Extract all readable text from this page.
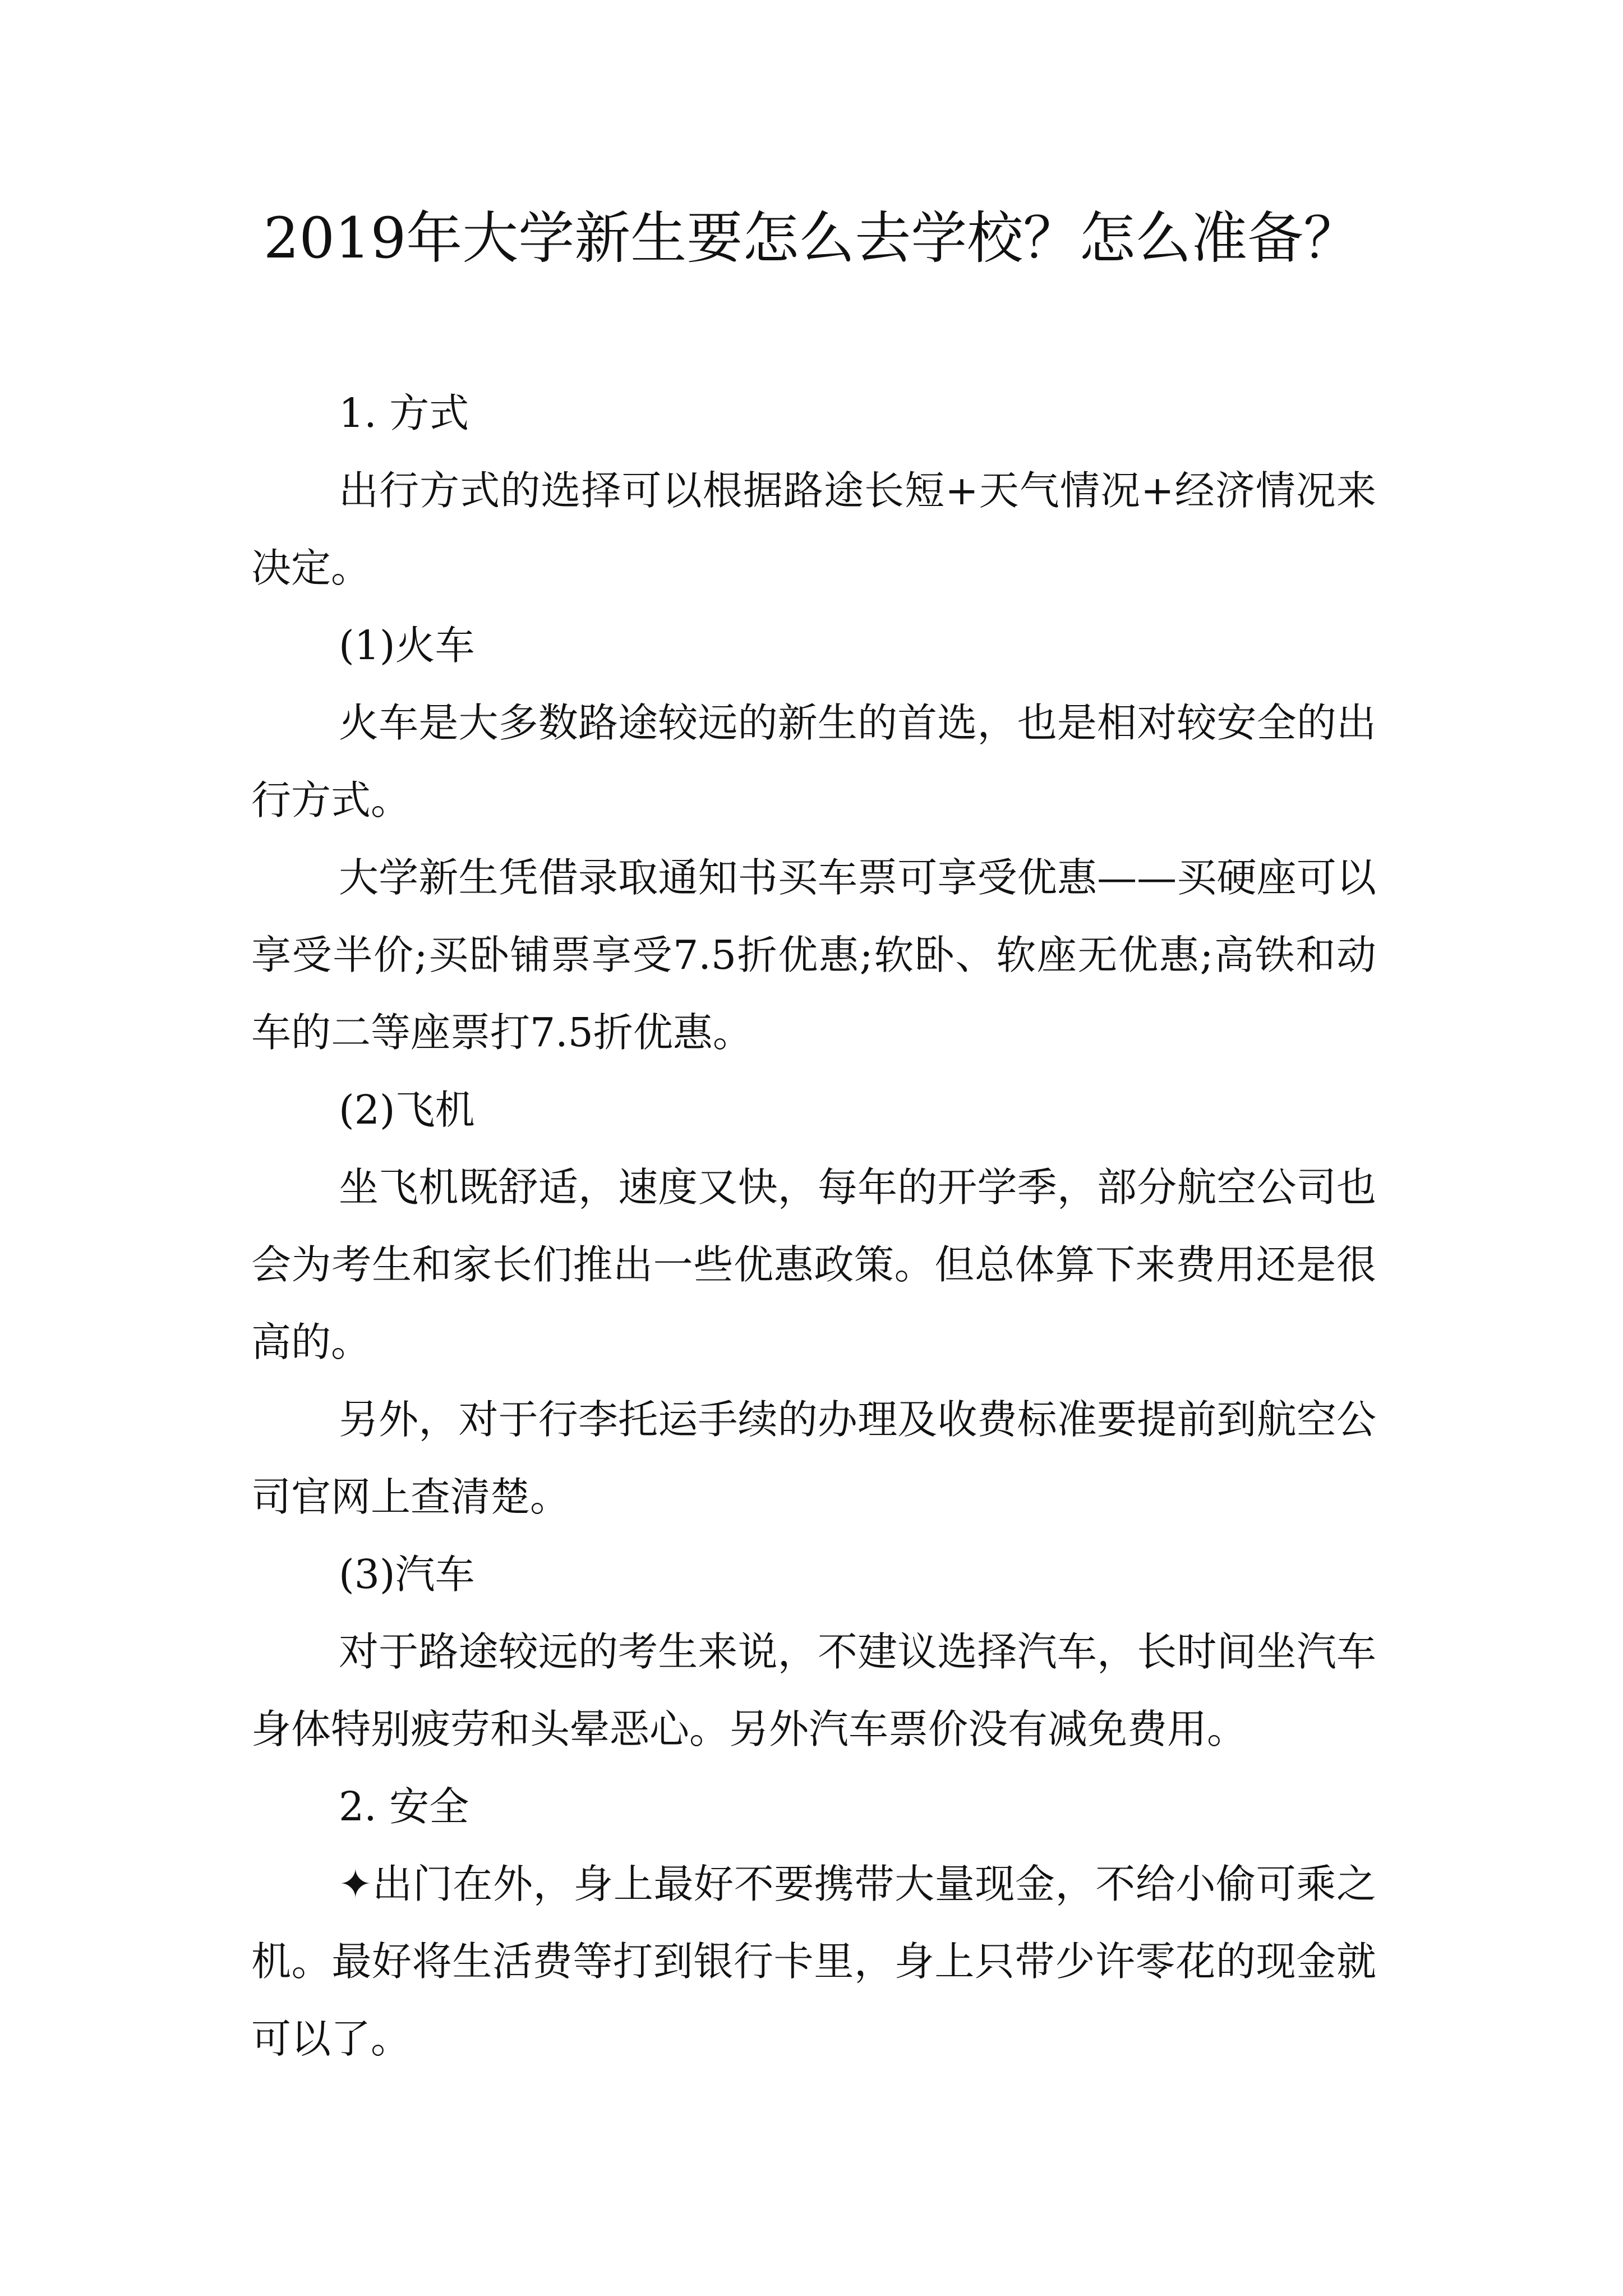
2019年大学新生要怎么去学校？怎么准备？

1. 方式

出行方式的选择可以根据路途长短+天气情况+经济情况来决定。

(1)火车

火车是大多数路途较远的新生的首选，也是相对较安全的出行方式。

大学新生凭借录取通知书买车票可享受优惠——买硬座可以享受半价;买卧铺票享受7.5折优惠;软卧、软座无优惠;高铁和动车的二等座票打7.5折优惠。

(2)飞机

坐飞机既舒适，速度又快，每年的开学季，部分航空公司也会为考生和家长们推出一些优惠政策。但总体算下来费用还是很高的。

另外，对于行李托运手续的办理及收费标准要提前到航空公司官网上查清楚。

(3)汽车

对于路途较远的考生来说，不建议选择汽车，长时间坐汽车身体特别疲劳和头晕恶心。另外汽车票价没有减免费用。

2. 安全

✦出门在外，身上最好不要携带大量现金，不给小偷可乘之机。最好将生活费等打到银行卡里，身上只带少许零花的现金就可以了。
